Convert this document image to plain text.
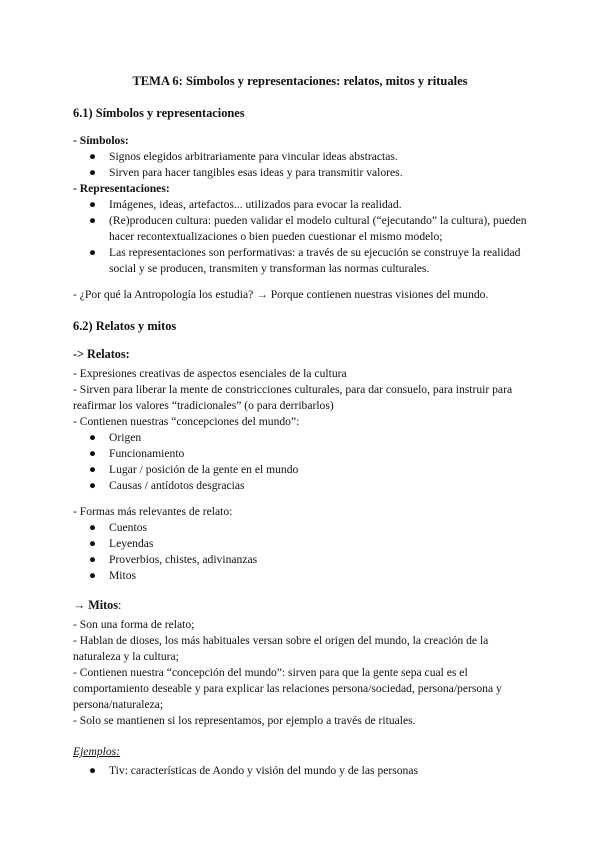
TEMA 6: Símbolos y representaciones: relatos, mitos y rituales
6.1) Símbolos y representaciones

- Símbolos:

● Signos elegidos arbitrariamente para vincular ideas abstractas.
● Sirven para hacer tangibles esas ideas y para transmitir valores.

- Representaciones:

● Imágenes, ideas, artefactos... utilizados para evocar la realidad.
● (Re)producen cultura: pueden validar el modelo cultural (“ejecutando” la cultura), pueden hacer recontextualizaciones o bien pueden cuestionar el mismo modelo;
● Las representaciones son performativas: a través de su ejecución se construye la realidad social y se producen, transmiten y transforman las normas culturales.

- ¿Por qué la Antropología los estudia? → Porque contienen nuestras visiones del mundo.

6.2) Relatos y mitos

-> Relatos:

- Expresiones creativas de aspectos esenciales de la cultura

- Sirven para liberar la mente de constricciones culturales, para dar consuelo, para instruir para reafirmar los valores “tradicionales” (o para derribarlos)

- Contienen nuestras “concepciones del mundo”:

● Origen
● Funcionamiento
● Lugar / posición de la gente en el mundo
● Causas / antídotos desgracias

- Formas más relevantes de relato:

● Cuentos
● Leyendas
● Proverbios, chistes, adivinanzas
● Mitos

→ Mitos:

- Son una forma de relato;

- Hablan de dioses, los más habituales versan sobre el origen del mundo, la creación de la naturaleza y la cultura;

- Contienen nuestra “concepción del mundo”: sirven para que la gente sepa cual es el comportamiento deseable y para explicar las relaciones persona/sociedad, persona/persona y persona/naturaleza;

- Solo se mantienen si los representamos, por ejemplo a través de rituales.

Ejemplos:

● Tiv: características de Aondo y visión del mundo y de las personas
